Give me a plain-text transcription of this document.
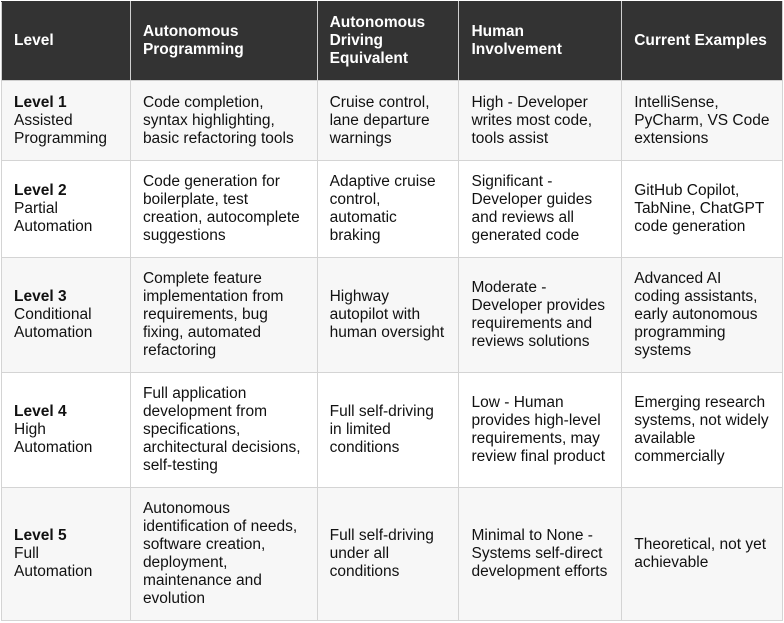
Level	Autonomous Programming	Autonomous Driving Equivalent	Human Involvement	Current Examples

Level 1
Assisted Programming	Code completion, syntax highlighting, basic refactoring tools	Cruise control, lane departure warnings	High - Developer writes most code, tools assist	IntelliSense, PyCharm, VS Code extensions

Level 2
Partial Automation	Code generation for boilerplate, test creation, autocomplete suggestions	Adaptive cruise control, automatic braking	Significant - Developer guides and reviews all generated code	GitHub Copilot, TabNine, ChatGPT code generation

Level 3
Conditional Automation	Complete feature implementation from requirements, bug fixing, automated refactoring	Highway autopilot with human oversight	Moderate - Developer provides requirements and reviews solutions	Advanced AI coding assistants, early autonomous programming systems

Level 4
High Automation	Full application development from specifications, architectural decisions, self-testing	Full self-driving in limited conditions	Low - Human provides high-level requirements, may review final product	Emerging research systems, not widely available commercially

Level 5
Full Automation	Autonomous identification of needs, software creation, deployment, maintenance and evolution	Full self-driving under all conditions	Minimal to None - Systems self-direct development efforts	Theoretical, not yet achievable
